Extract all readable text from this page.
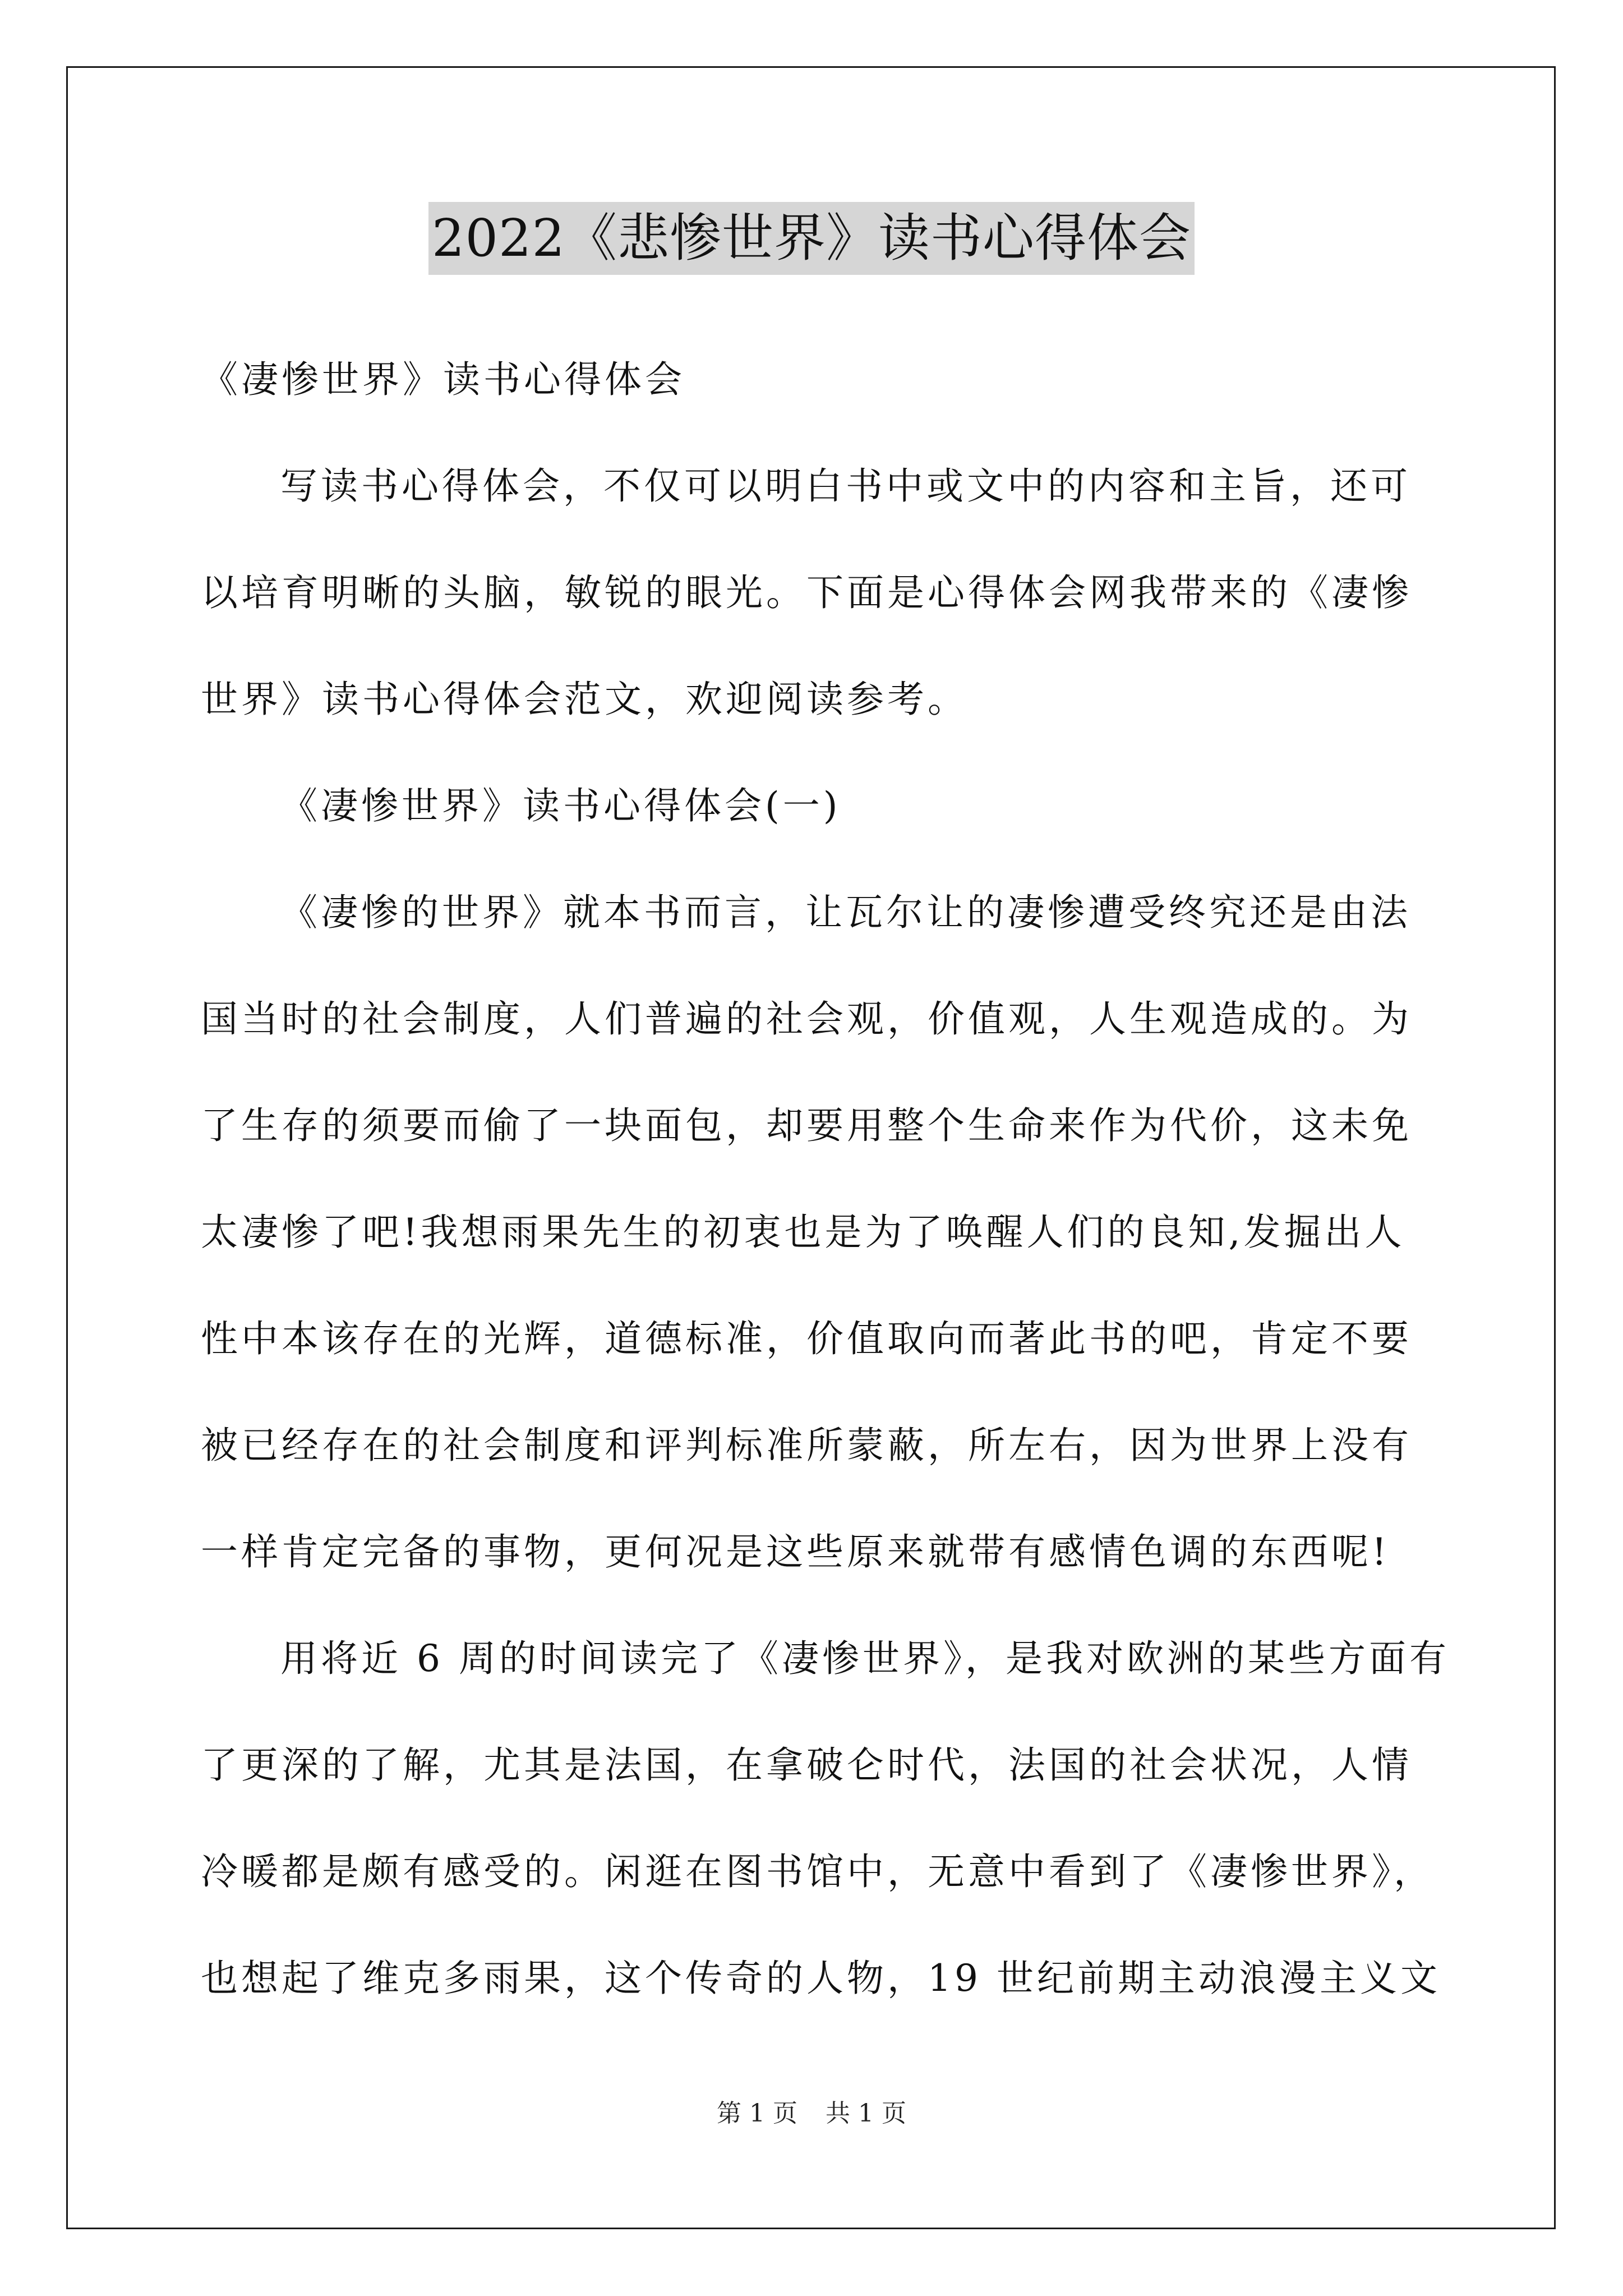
2022《悲惨世界》读书心得体会
《凄惨世界》读书心得体会
写读书心得体会，不仅可以明白书中或文中的内容和主旨，还可
以培育明晰的头脑，敏锐的眼光。下面是心得体会网我带来的《凄惨
世界》读书心得体会范文，欢迎阅读参考。
《凄惨世界》读书心得体会(一)
《凄惨的世界》就本书而言，让瓦尔让的凄惨遭受终究还是由法
国当时的社会制度，人们普遍的社会观，价值观，人生观造成的。为
了生存的须要而偷了一块面包，却要用整个生命来作为代价，这未免
太凄惨了吧!我想雨果先生的初衷也是为了唤醒人们的良知,发掘出人
性中本该存在的光辉，道德标准，价值取向而著此书的吧，肯定不要
被已经存在的社会制度和评判标准所蒙蔽，所左右，因为世界上没有
一样肯定完备的事物，更何况是这些原来就带有感情色调的东西呢!
用将近 6 周的时间读完了《凄惨世界》，是我对欧洲的某些方面有
了更深的了解，尤其是法国，在拿破仑时代，法国的社会状况，人情
冷暖都是颇有感受的。闲逛在图书馆中，无意中看到了《凄惨世界》，
也想起了维克多雨果，这个传奇的人物，19 世纪前期主动浪漫主义文
第 1 页 共 1 页
